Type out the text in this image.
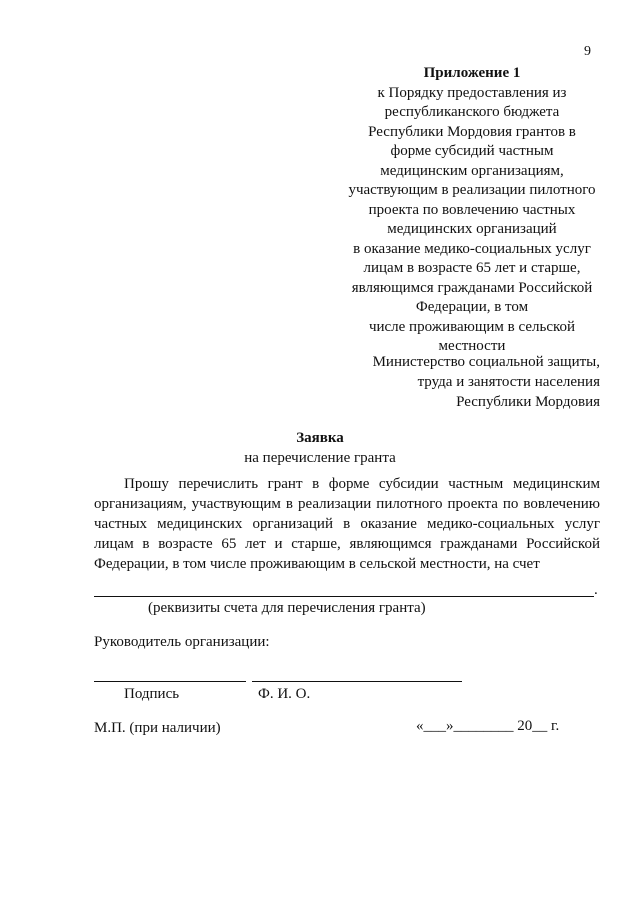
9
Приложение 1
к Порядку предоставления из
республиканского бюджета
Республики Мордовия грантов в
форме субсидий частным
медицинским организациям,
участвующим в реализации пилотного
проекта по вовлечению частных
медицинских организаций
в оказание медико-социальных услуг
лицам в возрасте 65 лет и старше,
являющимся гражданами Российской
Федерации, в том
числе проживающим в сельской
местности
Министерство социальной защиты,
труда и занятости населения
Республики Мордовия
Заявка
на перечисление гранта

Прошу перечислить грант в форме субсидии частным медицинским организациям, участвующим в реализации пилотного проекта по вовлечению частных медицинских организаций в оказание медико-социальных услуг лицам в возрасте 65 лет и старше, являющимся гражданами Российской Федерации, в том числе проживающим в сельской местности, на счет

.
(реквизиты счета для перечисления гранта)
Руководитель организации:
Подпись	Ф. И. О.
М.П. (при наличии)	«___»________ 20__ г.
